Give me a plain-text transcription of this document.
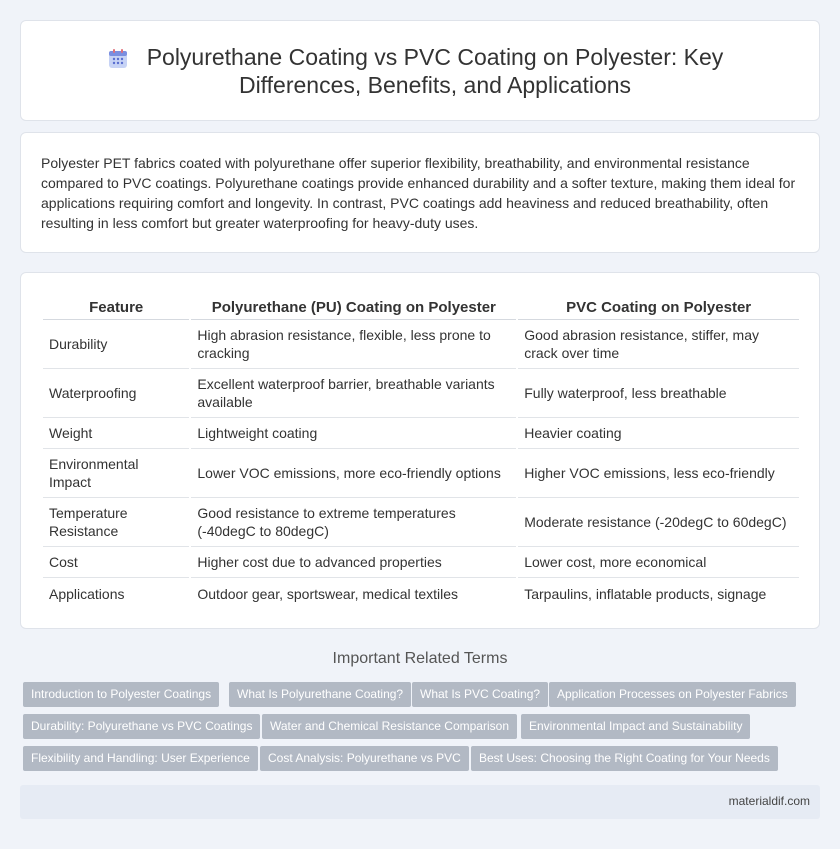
Polyurethane Coating vs PVC Coating on Polyester: Key Differences, Benefits, and Applications

Polyester PET fabrics coated with polyurethane offer superior flexibility, breathability, and environmental resistance compared to PVC coatings. Polyurethane coatings provide enhanced durability and a softer texture, making them ideal for applications requiring comfort and longevity. In contrast, PVC coatings add heaviness and reduced breathability, often resulting in less comfort but greater waterproofing for heavy-duty uses.

Feature	Polyurethane (PU) Coating on Polyester	PVC Coating on Polyester
Durability	High abrasion resistance, flexible, less prone to cracking	Good abrasion resistance, stiffer, may crack over time
Waterproofing	Excellent waterproof barrier, breathable variants available	Fully waterproof, less breathable
Weight	Lightweight coating	Heavier coating
Environmental Impact	Lower VOC emissions, more eco-friendly options	Higher VOC emissions, less eco-friendly
Temperature Resistance	Good resistance to extreme temperatures (-40degC to 80degC)	Moderate resistance (-20degC to 60degC)
Cost	Higher cost due to advanced properties	Lower cost, more economical
Applications	Outdoor gear, sportswear, medical textiles	Tarpaulins, inflatable products, signage
Important Related Terms
Introduction to Polyester Coatings	What Is Polyurethane Coating?	What Is PVC Coating?	Application Processes on Polyester Fabrics
Durability: Polyurethane vs PVC Coatings	Water and Chemical Resistance Comparison	Environmental Impact and Sustainability
Flexibility and Handling: User Experience	Cost Analysis: Polyurethane vs PVC	Best Uses: Choosing the Right Coating for Your Needs
materialdif.com
